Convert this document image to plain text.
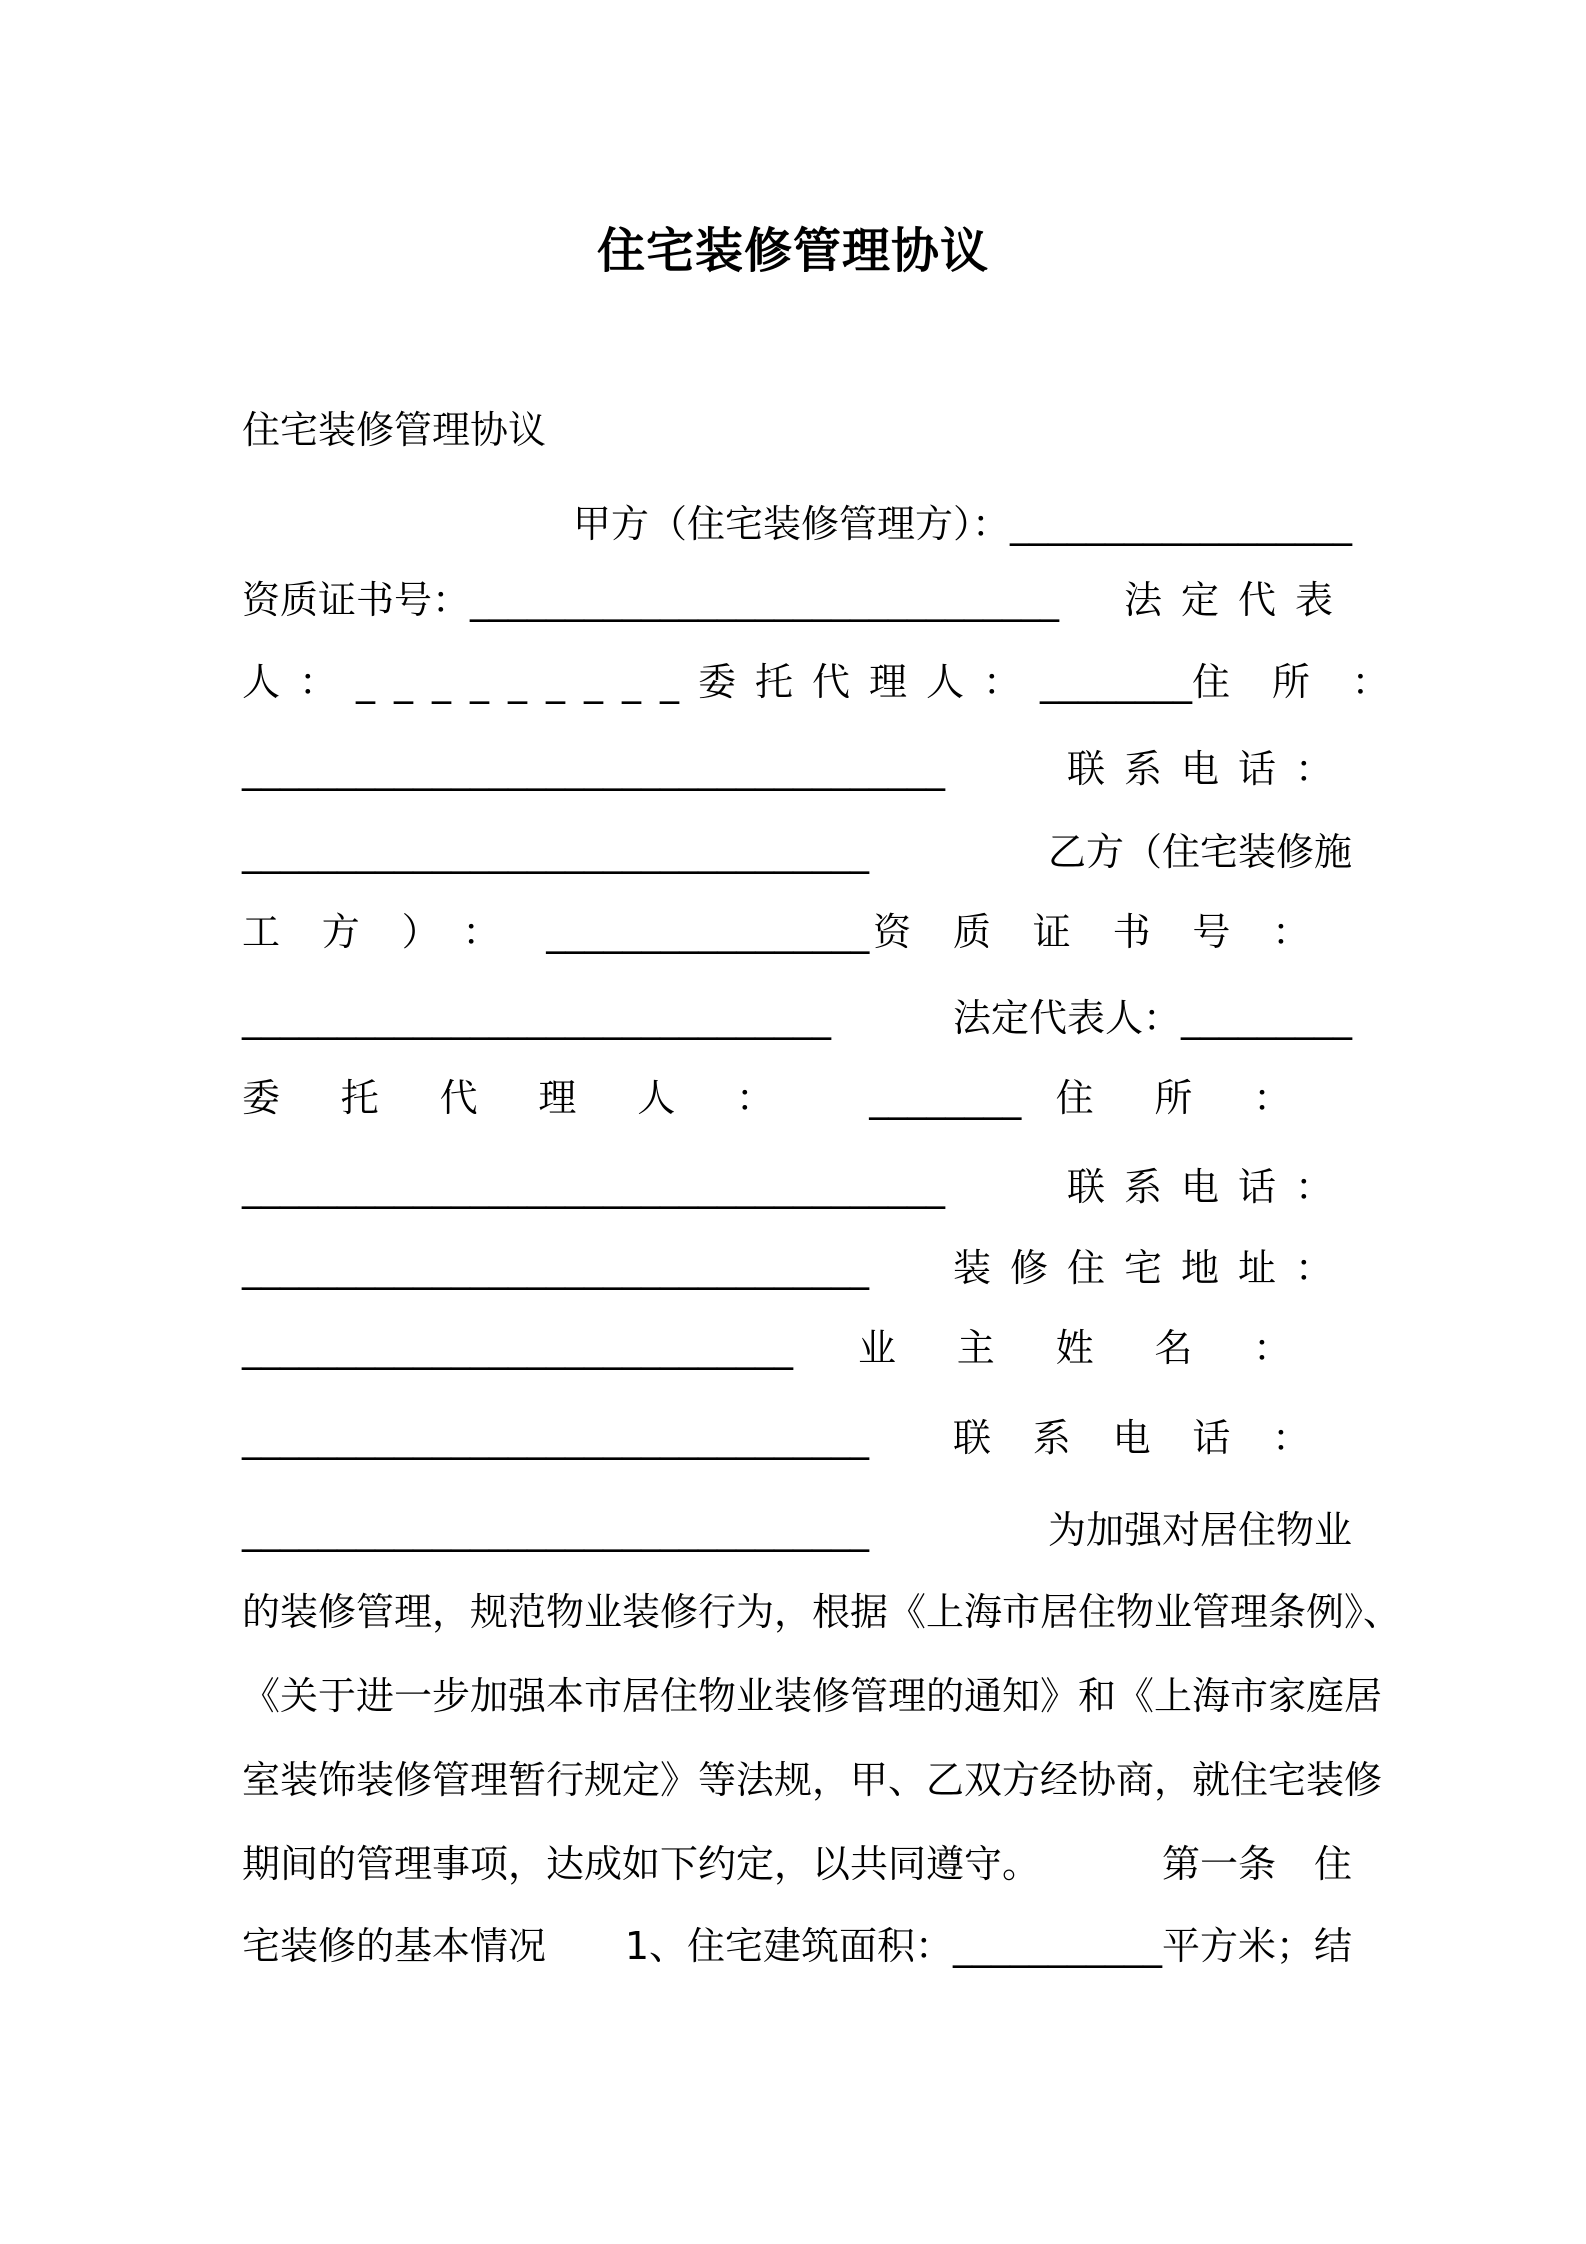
住宅装修管理协议
住宅装修管理协议
甲方（住宅装修管理方）：__________________
资质证书号：_______________________________ 法定代表
人： _________委托代理人： ________ 住所：
_____________________________________	联系电话：
_________________________________	乙方（住宅装修施
工方）： _________________ 资质证书号：
_______________________________	法定代表人：_________
委托代理人： ________ 住所：
_____________________________________	联系电话：
_________________________________ 装修住宅地址：
_____________________________ 业主姓名：
_________________________________ 联系电话：
_________________________________	为加强对居住物业
的装修管理，规范物业装修行为，根据《上海市居住物业管理条例》、
《关于进一步加强本市居住物业装修管理的通知》和《上海市家庭居
室装饰装修管理暂行规定》等法规，甲、乙双方经协商，就住宅装修
期间的管理事项，达成如下约定，以共同遵守。	第一条　住
宅装修的基本情况 1、住宅建筑面积：___________平方米；结
